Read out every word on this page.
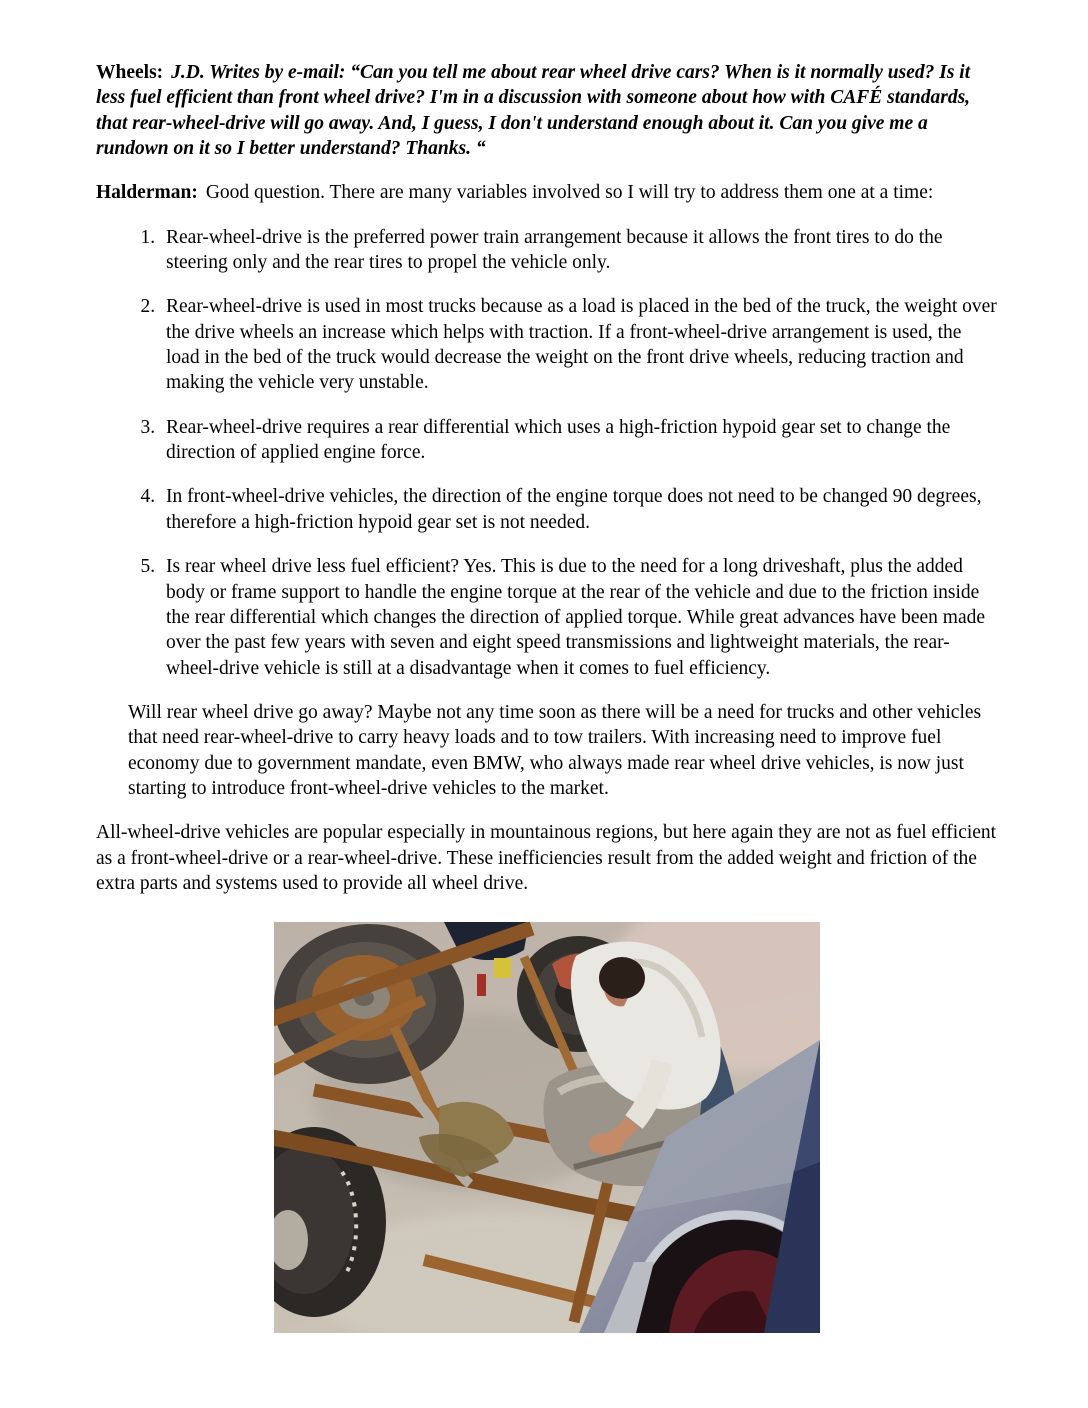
Wheels: J.D. Writes by e-mail: “Can you tell me about rear wheel drive cars? When is it normally used? Is it less fuel efficient than front wheel drive? I'm in a discussion with someone about how with CAFÉ standards, that rear-wheel-drive will go away. And, I guess, I don't understand enough about it. Can you give me a rundown on it so I better understand? Thanks. “

Halderman: Good question. There are many variables involved so I will try to address them one at a time:

1. Rear-wheel-drive is the preferred power train arrangement because it allows the front tires to do the steering only and the rear tires to propel the vehicle only.
2. Rear-wheel-drive is used in most trucks because as a load is placed in the bed of the truck, the weight over the drive wheels an increase which helps with traction. If a front-wheel-drive arrangement is used, the load in the bed of the truck would decrease the weight on the front drive wheels, reducing traction and making the vehicle very unstable.
3. Rear-wheel-drive requires a rear differential which uses a high-friction hypoid gear set to change the direction of applied engine force.
4. In front-wheel-drive vehicles, the direction of the engine torque does not need to be changed 90 degrees, therefore a high-friction hypoid gear set is not needed.
5. Is rear wheel drive less fuel efficient? Yes. This is due to the need for a long driveshaft, plus the added body or frame support to handle the engine torque at the rear of the vehicle and due to the friction inside the rear differential which changes the direction of applied torque. While great advances have been made over the past few years with seven and eight speed transmissions and lightweight materials, the rear-wheel-drive vehicle is still at a disadvantage when it comes to fuel efficiency.

Will rear wheel drive go away? Maybe not any time soon as there will be a need for trucks and other vehicles that need rear-wheel-drive to carry heavy loads and to tow trailers. With increasing need to improve fuel economy due to government mandate, even BMW, who always made rear wheel drive vehicles, is now just starting to introduce front-wheel-drive vehicles to the market.

All-wheel-drive vehicles are popular especially in mountainous regions, but here again they are not as fuel efficient as a front-wheel-drive or a rear-wheel-drive. These inefficiencies result from the added weight and friction of the extra parts and systems used to provide all wheel drive.
